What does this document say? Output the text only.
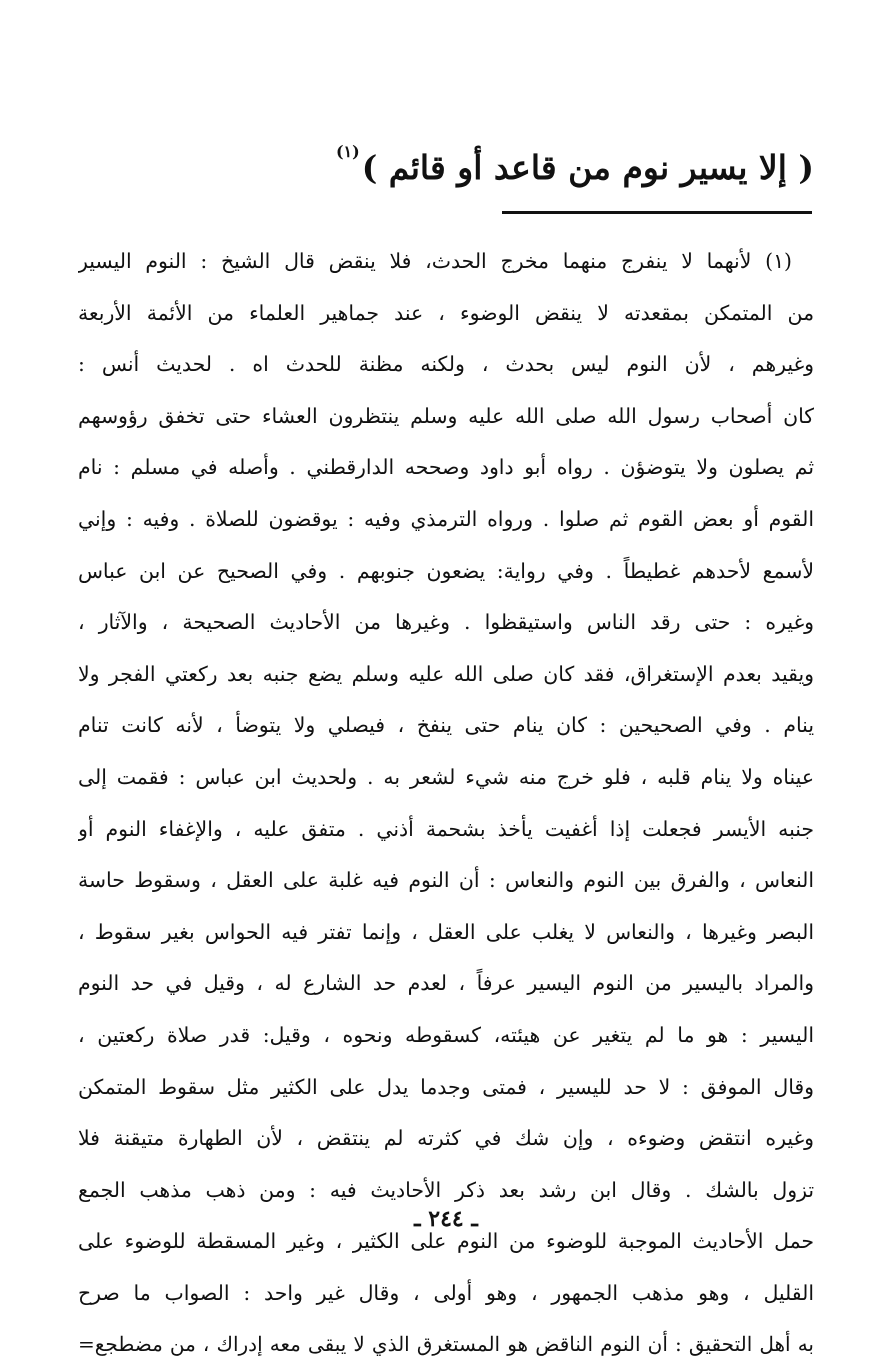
( إلا يسير نوم من قاعد أو قائم )$^{(١)}$
(١) لأنهما لا ينفرج منهما مخرج الحدث، فلا ينقض قال الشيخ : النوم اليسير
من المتمكن بمقعدته لا ينقض الوضوء ، عند جماهير العلماء من الأئمة الأربعة
وغيرهم ، لأن النوم ليس بحدث ، ولكنه مظنة للحدث اه . لحديث أنس :
كان أصحاب رسول الله صلى الله عليه وسلم ينتظرون العشاء حتى تخفق رؤوسهم
ثم يصلون ولا يتوضؤن . رواه أبو داود وصححه الدارقطني . وأصله في مسلم : نام
القوم أو بعض القوم ثم صلوا . ورواه الترمذي وفيه : يوقضون للصلاة . وفيه : وإني
لأسمع لأحدهم غطيطاً . وفي رواية: يضعون جنوبهم . وفي الصحيح عن ابن عباس
وغيره : حتى رقد الناس واستيقظوا . وغيرها من الأحاديث الصحيحة ، والآثار ،
ويقيد بعدم الإستغراق، فقد كان صلى الله عليه وسلم يضع جنبه بعد ركعتي الفجر ولا
ينام . وفي الصحيحين : كان ينام حتى ينفخ ، فيصلي ولا يتوضأ ، لأنه كانت تنام
عيناه ولا ينام قلبه ، فلو خرج منه شيء لشعر به . ولحديث ابن عباس : فقمت إلى
جنبه الأيسر فجعلت إذا أغفيت يأخذ بشحمة أذني . متفق عليه ، والإغفاء النوم أو
النعاس ، والفرق بين النوم والنعاس : أن النوم فيه غلبة على العقل ، وسقوط حاسة
البصر وغيرها ، والنعاس لا يغلب على العقل ، وإنما تفتر فيه الحواس بغير سقوط ،
والمراد باليسير من النوم اليسير عرفاً ، لعدم حد الشارع له ، وقيل في حد النوم
اليسير : هو ما لم يتغير عن هيئته، كسقوطه ونحوه ، وقيل: قدر صلاة ركعتين ،
وقال الموفق : لا حد لليسير ، فمتى وجدما يدل على الكثير مثل سقوط المتمكن
وغيره انتقض وضوءه ، وإن شك في كثرته لم ينتقض ، لأن الطهارة متيقنة فلا
تزول بالشك . وقال ابن رشد بعد ذكر الأحاديث فيه : ومن ذهب مذهب الجمع
حمل الأحاديث الموجبة للوضوء من النوم على الكثير ، وغير المسقطة للوضوء على
القليل ، وهو مذهب الجمهور ، وهو أولى ، وقال غير واحد : الصواب ما صرح
به أهل التحقيق : أن النوم الناقض هو المستغرق الذي لا يبقى معه إدراك ، من مضطجع=
ـ ٢٤٤ ـ
